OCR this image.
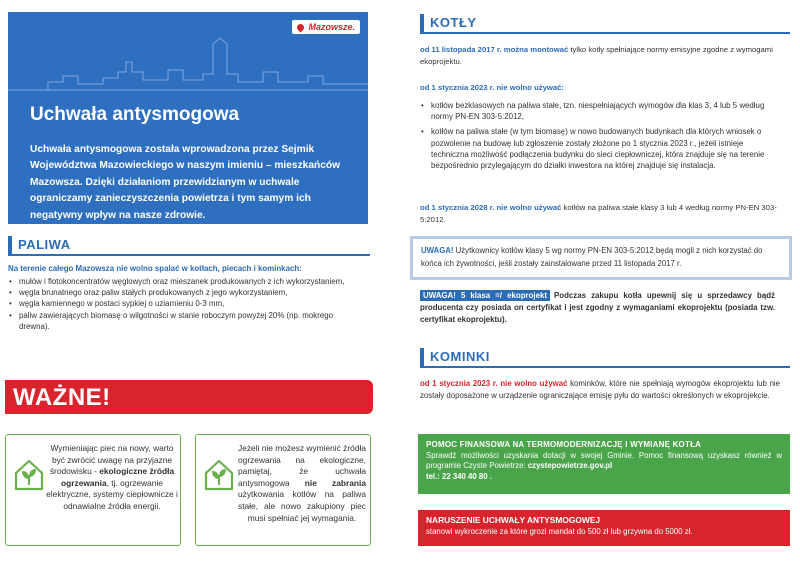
Mazowsze.
Uchwała antysmogowa

Uchwała antysmogowa została wprowadzona przez Sejmik Województwa Mazowieckiego w naszym imieniu – mieszkańców Mazowsza. Dzięki działaniom przewidzianym w uchwale ograniczamy zanieczyszczenia powietrza i tym samym ich negatywny wpływ na nasze zdrowie.

PALIWA
Na terenie całego Mazowsza nie wolno spalać w kotłach, piecach i kominkach:
• mułów i flotokoncentratów węglowych oraz mieszanek produkowanych z ich wykorzystaniem,
• węgla brunatnego oraz paliw stałych produkowanych z jego wykorzystaniem,
• węgla kamiennego w postaci sypkiej o uziarnieniu 0-3 mm,
• paliw zawierających biomasę o wilgotności w stanie roboczym powyżej 20% (np. mokrego drewna).
WAŻNE!
Wymieniając piec na nowy, warto być zwrócić uwagę na przyjazne środowisku - ekologiczne źródła ogrzewania, tj. ogrzewanie elektryczne, systemy ciepłownicze i odnawialne źródła energii.
Jeżeli nie możesz wymienić źródła ogrzewania na ekologiczne, pamiętaj, że uchwała antysmogowa nie zabrania użytkowania kotłów na paliwa stałe, ale nowo zakupiony piec musi spełniać jej wymagania.
KOTŁY
od 11 listopada 2017 r. można montować tylko kotły spełniające normy emisyjne zgodne z wymogami ekoprojektu.
od 1 stycznia 2023 r. nie wolno używać:
• kotłów bezklasowych na paliwa stałe, tzn. niespełniających wymogów dla klas 3, 4 lub 5 według normy PN-EN 303-5:2012,
• kotłów na paliwa stałe (w tym biomasę) w nowo budowanych budynkach dla których wniosek o pozwolenie na budowę lub zgłoszenie zostały złożone po 1 stycznia 2023 r., jeżeli istnieje techniczna możliwość podłączenia budynku do sieci ciepłowniczej, która znajduje się na terenie bezpośrednio przylegającym do działki inwestora na której znajduje się instalacja.
od 1 stycznia 2028 r. nie wolno używać kotłów na paliwa stałe klasy 3 lub 4 według normy PN-EN 303-5:2012.
UWAGA! Użytkownicy kotłów klasy 5 wg normy PN-EN 303-5:2012 będą mogli z nich korzystać do końca ich żywotności, jeśli zostały zainstalowane przed 11 listopada 2017 r.
UWAGA! 5 klasa =/ ekoprojekt Podczas zakupu kotła upewnij się u sprzedawcy bądź producenta czy posiada on certyfikat i jest zgodny z wymaganiami ekoprojektu (posiada tzw. certyfikat ekoprojektu).
KOMINKI
od 1 stycznia 2023 r. nie wolno używać kominków, które nie spełniają wymogów ekoprojektu lub nie zostały doposażone w urządzenie ograniczające emisję pyłu do wartości określonych w ekoprojekcie.
POMOC FINANSOWA NA TERMOMODERNIZACJĘ I WYMIANĘ KOTŁA
Sprawdź możliwości uzyskania dotacji w swojej Gminie. Pomoc finansową uzyskasz również w programie Czyste Powietrze: czystepowietrze.gov.pl
tel.: 22 340 40 80 .
NARUSZENIE UCHWAŁY ANTYSMOGOWEJ
stanowi wykroczenie za które grozi mandat do 500 zł lub grzywna do 5000 zł.
